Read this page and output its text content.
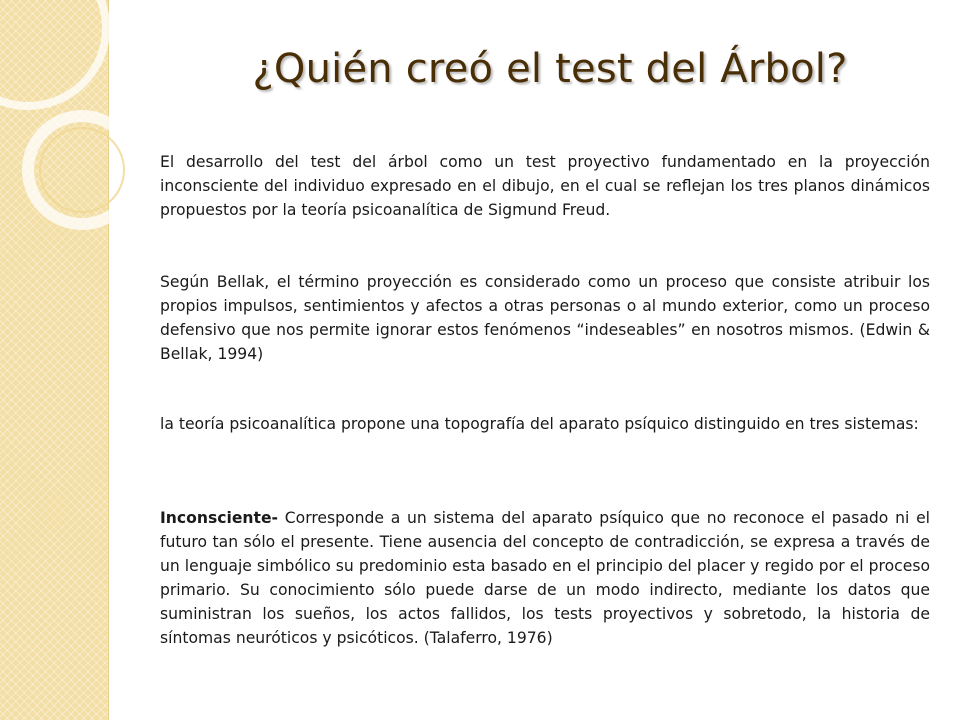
¿Quién creó el test del Árbol?

El desarrollo del test del árbol como un test proyectivo fundamentado en la proyección inconsciente del individuo expresado en el dibujo, en el cual se reflejan los tres planos dinámicos propuestos por la teoría psicoanalítica de Sigmund Freud.

Según Bellak, el término proyección es considerado como un proceso que consiste atribuir los propios impulsos, sentimientos y afectos a otras personas o al mundo exterior, como un proceso defensivo que nos permite ignorar estos fenómenos “indeseables” en nosotros mismos. (Edwin & Bellak, 1994)

la teoría psicoanalítica propone una topografía del aparato psíquico distinguido en tres sistemas:

Inconsciente- Corresponde a un sistema del aparato psíquico que no reconoce el pasado ni el futuro tan sólo el presente. Tiene ausencia del concepto de contradicción, se expresa a través de un lenguaje simbólico su predominio esta basado en el principio del placer y regido por el proceso primario. Su conocimiento sólo puede darse de un modo indirecto, mediante los datos que suministran los sueños, los actos fallidos, los tests proyectivos y sobretodo, la historia de síntomas neuróticos y psicóticos. (Talaferro, 1976)
